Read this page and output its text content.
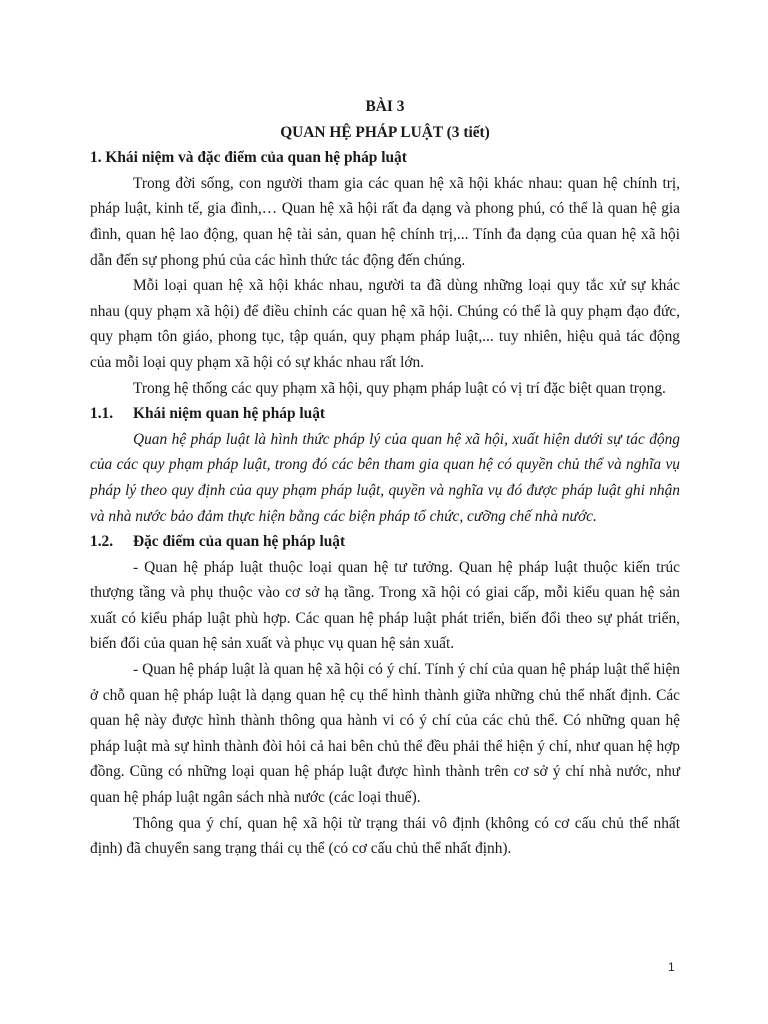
BÀI 3
QUAN HỆ PHÁP LUẬT (3 tiết)

1. Khái niệm và đặc điểm của quan hệ pháp luật

Trong đời sống, con người tham gia các quan hệ xã hội khác nhau: quan hệ chính trị, pháp luật, kinh tế, gia đình,… Quan hệ xã hội rất đa dạng và phong phú, có thể là quan hệ gia đình, quan hệ lao động, quan hệ tài sản, quan hệ chính trị,... Tính đa dạng của quan hệ xã hội dẫn đến sự phong phú của các hình thức tác động đến chúng.

Mỗi loại quan hệ xã hội khác nhau, người ta đã dùng những loại quy tắc xử sự khác nhau (quy phạm xã hội) để điều chỉnh các quan hệ xã hội. Chúng có thể là quy phạm đạo đức, quy phạm tôn giáo, phong tục, tập quán, quy phạm pháp luật,... tuy nhiên, hiệu quả tác động của mỗi loại quy phạm xã hội có sự khác nhau rất lớn.

Trong hệ thống các quy phạm xã hội, quy phạm pháp luật có vị trí đặc biệt quan trọng.

1.1.	Khái niệm quan hệ pháp luật

Quan hệ pháp luật là hình thức pháp lý của quan hệ xã hội, xuất hiện dưới sự tác động của các quy phạm pháp luật, trong đó các bên tham gia quan hệ có quyền chủ thể và nghĩa vụ pháp lý theo quy định của quy phạm pháp luật, quyền và nghĩa vụ đó được pháp luật ghi nhận và nhà nước bảo đảm thực hiện bằng các biện pháp tổ chức, cưỡng chế nhà nước.

1.2.	Đặc điểm của quan hệ pháp luật

- Quan hệ pháp luật thuộc loại quan hệ tư tưởng. Quan hệ pháp luật thuộc kiến trúc thượng tầng và phụ thuộc vào cơ sở hạ tầng. Trong xã hội có giai cấp, mỗi kiểu quan hệ sản xuất có kiểu pháp luật phù hợp. Các quan hệ pháp luật phát triển, biến đổi theo sự phát triển, biến đổi của quan hệ sản xuất và phục vụ quan hệ sản xuất.

- Quan hệ pháp luật là quan hệ xã hội có ý chí. Tính ý chí của quan hệ pháp luật thể hiện ở chỗ quan hệ pháp luật là dạng quan hệ cụ thể hình thành giữa những chủ thể nhất định. Các quan hệ này được hình thành thông qua hành vi có ý chí của các chủ thể. Có những quan hệ pháp luật mà sự hình thành đòi hỏi cả hai bên chủ thể đều phải thể hiện ý chí, như quan hệ hợp đồng. Cũng có những loại quan hệ pháp luật được hình thành trên cơ sở ý chí nhà nước, như quan hệ pháp luật ngân sách nhà nước (các loại thuế).

Thông qua ý chí, quan hệ xã hội từ trạng thái vô định (không có cơ cấu chủ thể nhất định) đã chuyển sang trạng thái cụ thể (có cơ cấu chủ thể nhất định).

1
